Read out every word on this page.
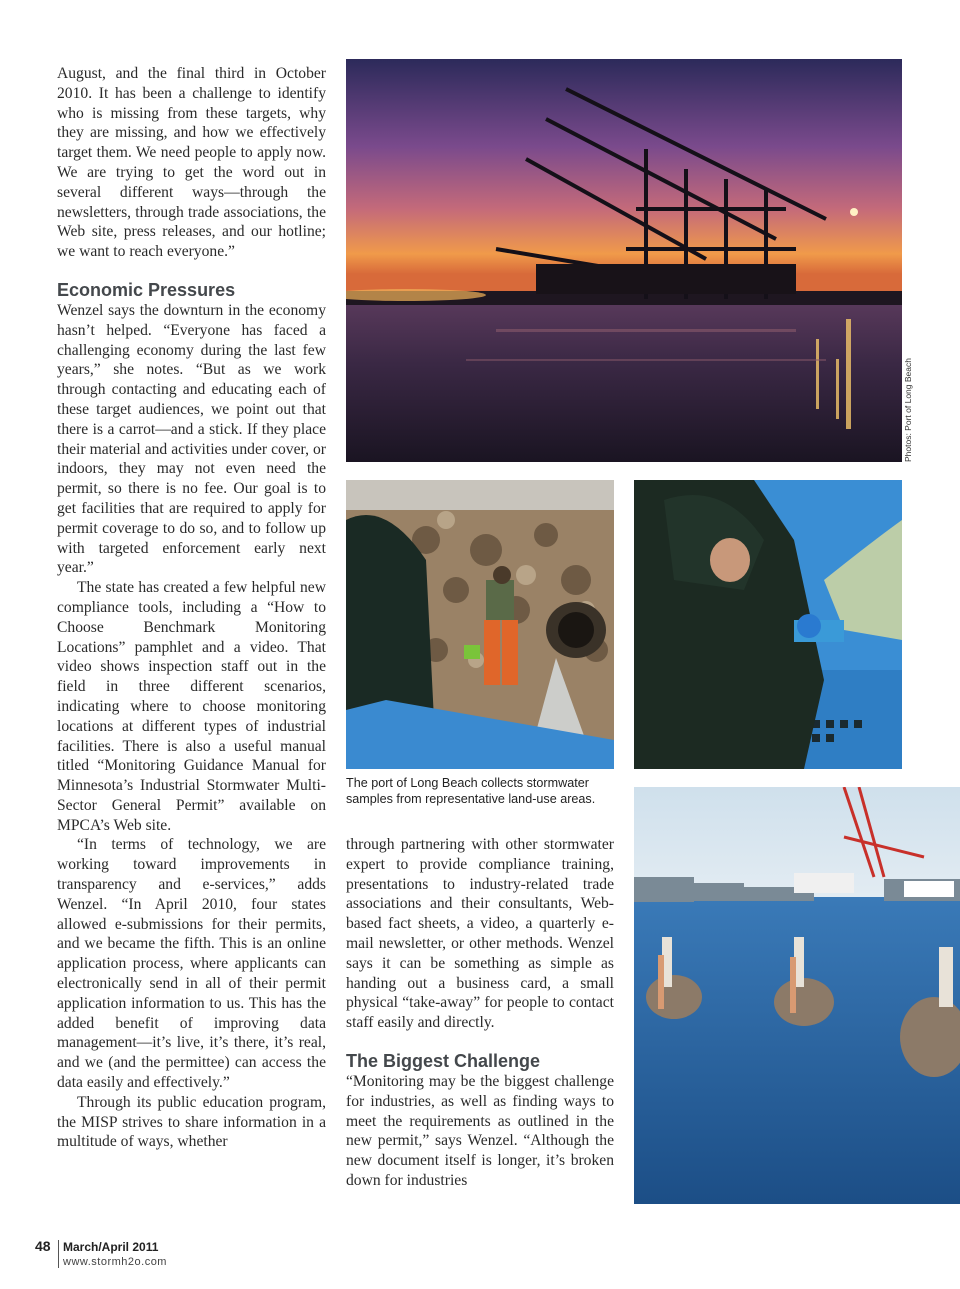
August, and the final third in October 2010. It has been a challenge to identify who is missing from these targets, why they are missing, and how we effectively target them. We need people to apply now. We are trying to get the word out in several different ways—through the newsletters, through trade associations, the Web site, press releases, and our hotline; we want to reach everyone.”

Economic Pressures

Wenzel says the downturn in the economy hasn’t helped. “Everyone has faced a challenging economy during the last few years,” she notes. “But as we work through contacting and educating each of these target audiences, we point out that there is a carrot—and a stick. If they place their material and activities under cover, or indoors, they may not even need the permit, so there is no fee. Our goal is to get facilities that are required to apply for permit coverage to do so, and to follow up with targeted enforcement early next year.”

The state has created a few helpful new compliance tools, including a “How to Choose Benchmark Monitoring Locations” pamphlet and a video. That video shows inspection staff out in the field in three different scenarios, indicating where to choose monitoring locations at different types of industrial facilities. There is also a useful manual titled “Monitoring Guidance Manual for Minnesota’s Industrial Stormwater Multi-Sector General Permit” available on MPCA’s Web site.

“In terms of technology, we are working toward improvements in transparency and e-services,” adds Wenzel. “In April 2010, four states allowed e-submissions for their permits, and we became the fifth. This is an online application process, where applicants can electronically send in all of their permit application information to us. This has the added benefit of improving data management—it’s live, it’s there, it’s real, and we (and the permittee) can access the data easily and effectively.”

Through its public education program, the MISP strives to share information in a multitude of ways, whether

Photos: Port of Long Beach
The port of Long Beach collects stormwater samples from representative land-use areas.

through partnering with other stormwater expert to provide compliance training, presentations to industry-related trade associations and their consultants, Web-based fact sheets, a video, a quarterly e-mail newsletter, or other methods. Wenzel says it can be something as simple as handing out a business card, a small physical “take-away” for people to contact staff easily and directly.

The Biggest Challenge

“Monitoring may be the biggest challenge for industries, as well as finding ways to meet the requirements as outlined in the new permit,” says Wenzel. “Although the new document itself is longer, it’s broken down for industries

48 March/April 2011
www.stormh2o.com
